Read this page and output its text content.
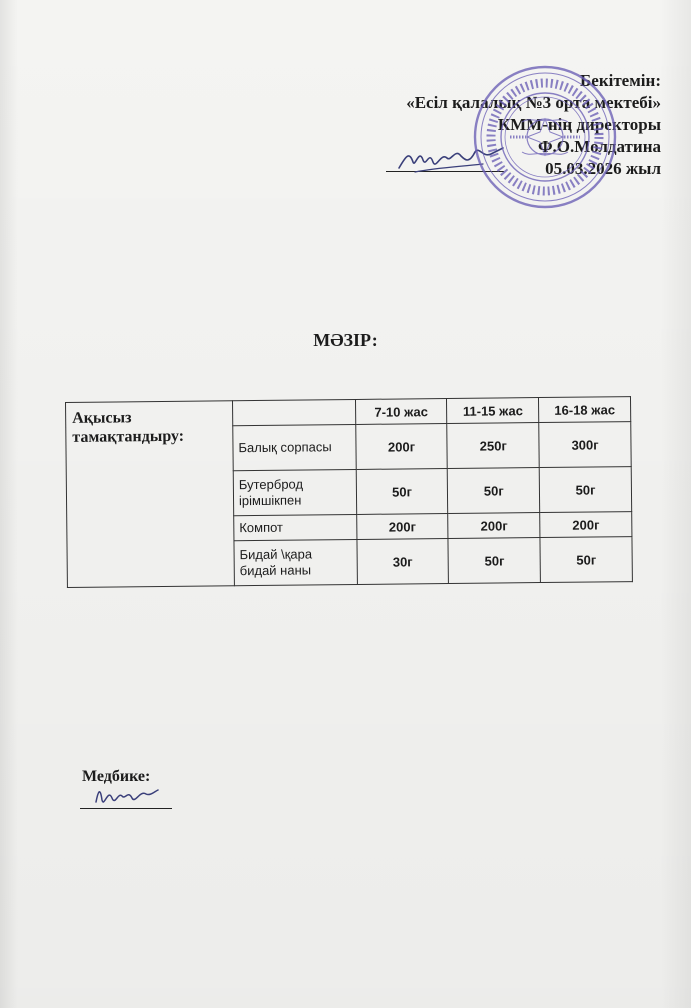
Бекітемін:
«Есіл қалалық №3 орта мектебі»
КММ-нің директоры
Ф.О.Молдатина
05.03.2026 жыл
МӘЗІР:
Ақысыз тамақтандыру:		7-10 жас	11-15 жас	16-18 жас
	Балық сорпасы	200г	250г	300г
	Бутерброд ірімшікпен	50г	50г	50г
	Компот	200г	200г	200г
	Бидай \қара бидай наны	30г	50г	50г
Медбике:
